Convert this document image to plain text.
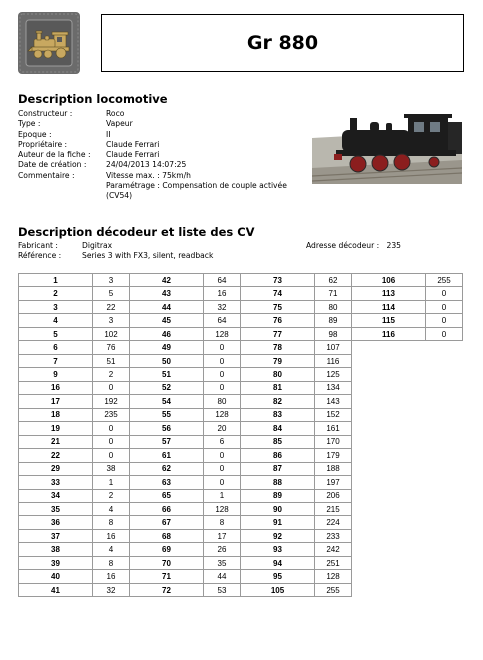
Gr 880
Description locomotive
Constructeur :	Roco
Type :	Vapeur
Epoque :	II
Propriétaire :	Claude Ferrari
Auteur de la fiche :	Claude Ferrari
Date de création :	24/04/2013 14:07:25
Commentaire :	Vitesse max. : 75km/h
Paramétrage : Compensation de couple activée
(CV54)
Description décodeur et liste des CV
Fabricant :	Digitrax
Référence :	Series 3 with FX3, silent, readback
Adresse décodeur : 235
1	3	42	64	73	62	106	255
2	5	43	16	74	71	113	0
3	22	44	32	75	80	114	0
4	3	45	64	76	89	115	0
5	102	46	128	77	98	116	0
6	76	49	0	78	107		
7	51	50	0	79	116		
9	2	51	0	80	125		
16	0	52	0	81	134		
17	192	54	80	82	143		
18	235	55	128	83	152		
19	0	56	20	84	161		
21	0	57	6	85	170		
22	0	61	0	86	179		
29	38	62	0	87	188		
33	1	63	0	88	197		
34	2	65	1	89	206		
35	4	66	128	90	215		
36	8	67	8	91	224		
37	16	68	17	92	233		
38	4	69	26	93	242		
39	8	70	35	94	251		
40	16	71	44	95	128		
41	32	72	53	105	255		
